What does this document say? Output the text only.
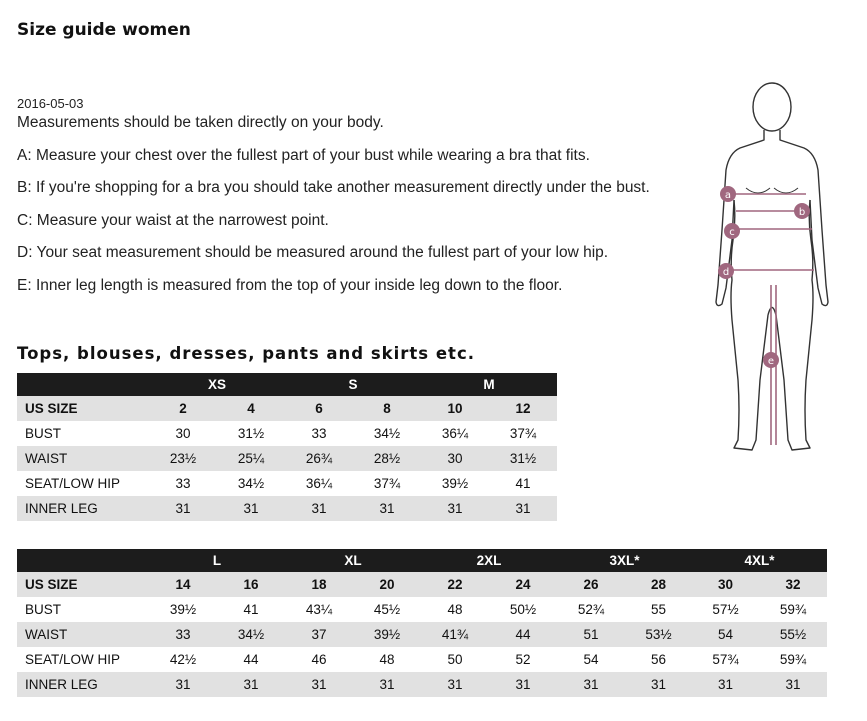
Size guide women
2016-05-03
Measurements should be taken directly on your body.
A: Measure your chest over the fullest part of your bust while wearing a bra that fits.
B: If you're shopping for a bra you should take another measurement directly under the bust.
C: Measure your waist at the narrowest point.
D: Your seat measurement should be measured around the fullest part of your low hip.
E: Inner leg length is measured from the top of your inside leg down to the floor.
Tops, blouses, dresses, pants and skirts etc.
a
b
c
d
e
	XS		S		M	
US SIZE	2	4	6	8	10	12
BUST	30	31½	33	34½	36¼	37¾
WAIST	23½	25¼	26¾	28½	30	31½
SEAT/LOW HIP	33	34½	36¼	37¾	39½	41
INNER LEG	31	31	31	31	31	31
	L		XL		2XL		3XL*		4XL*	
US SIZE	14	16	18	20	22	24	26	28	30	32
BUST	39½	41	43¼	45½	48	50½	52¾	55	57½	59¾
WAIST	33	34½	37	39½	41¾	44	51	53½	54	55½
SEAT/LOW HIP	42½	44	46	48	50	52	54	56	57¾	59¾
INNER LEG	31	31	31	31	31	31	31	31	31	31
